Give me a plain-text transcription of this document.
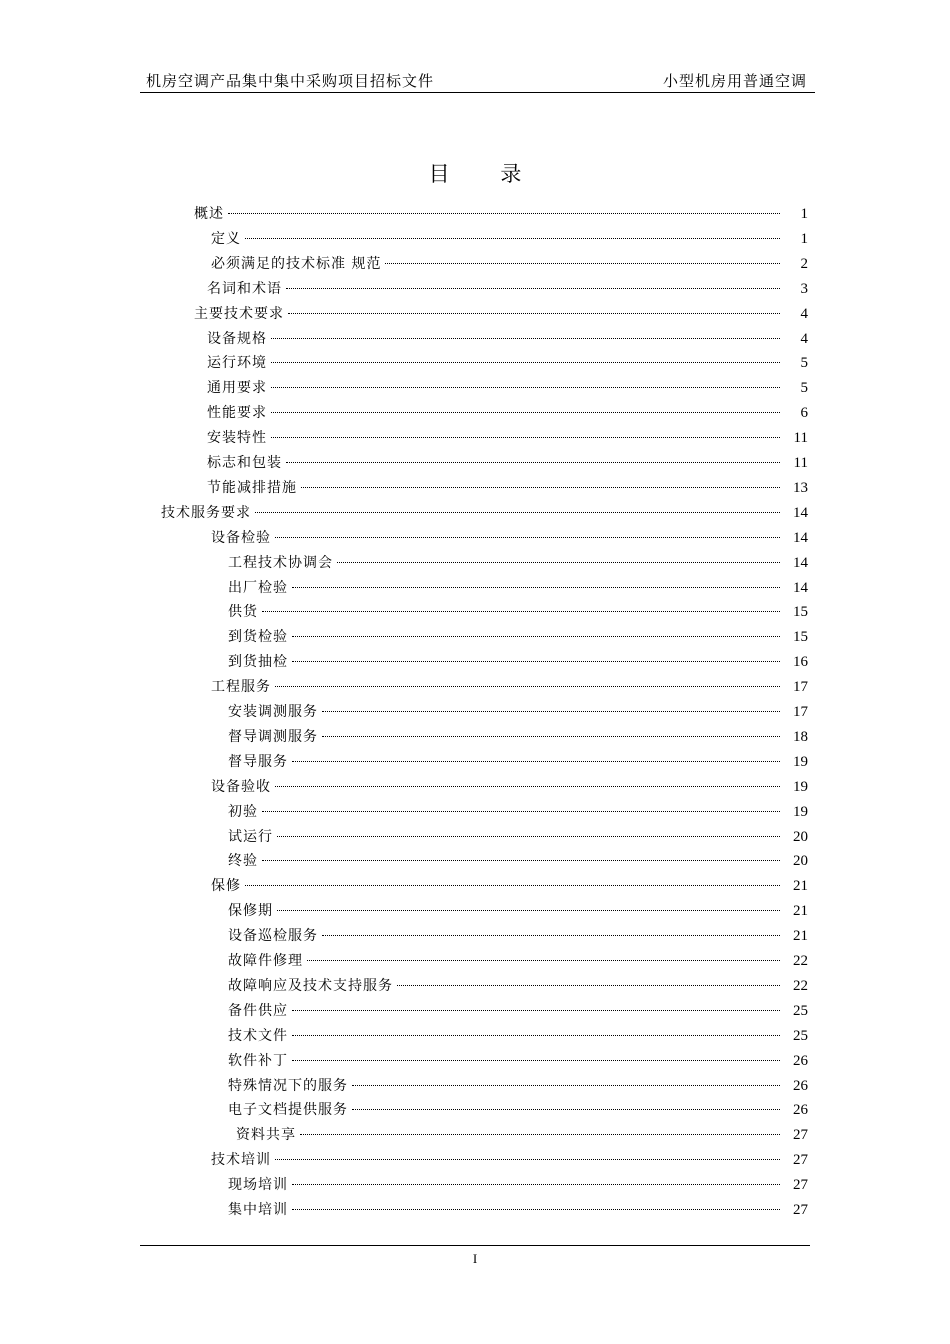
机房空调产品集中集中采购项目招标文件	小型机房用普通空调
目 录
概述	1
定义	1
必须满足的技术标准 规范	2
名词和术语	3
主要技术要求	4
设备规格	4
运行环境	5
通用要求	5
性能要求	6
安装特性	11
标志和包装	11
节能减排措施	13
技术服务要求	14
设备检验	14
工程技术协调会	14
出厂检验	14
供货	15
到货检验	15
到货抽检	16
工程服务	17
安装调测服务	17
督导调测服务	18
督导服务	19
设备验收	19
初验	19
试运行	20
终验	20
保修	21
保修期	21
设备巡检服务	21
故障件修理	22
故障响应及技术支持服务	22
备件供应	25
技术文件	25
软件补丁	26
特殊情况下的服务	26
电子文档提供服务	26
资料共享	27
技术培训	27
现场培训	27
集中培训	27
I
